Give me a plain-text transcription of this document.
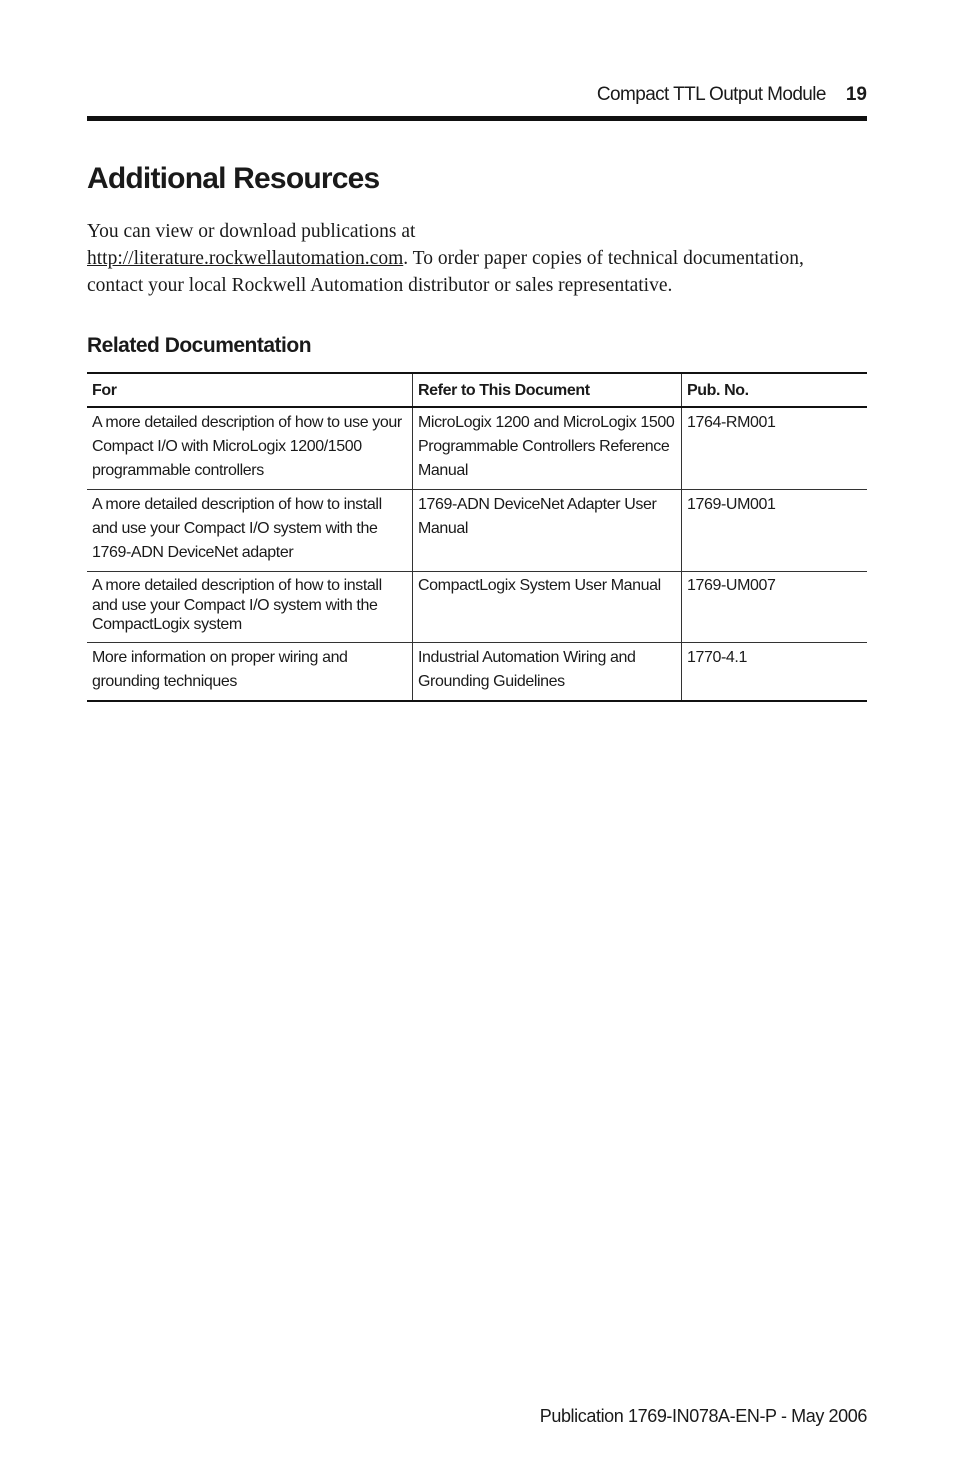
Compact TTL Output Module 19
Additional Resources

You can view or download publications at
http://literature.rockwellautomation.com. To order paper copies of technical documentation, contact your local Rockwell Automation distributor or sales representative.

Related Documentation
For	Refer to This Document	Pub. No.
A more detailed description of how to use your Compact I/O with MicroLogix 1200/1500 programmable controllers	MicroLogix 1200 and MicroLogix 1500 Programmable Controllers Reference Manual	1764-RM001
A more detailed description of how to install and use your Compact I/O system with the 1769-ADN DeviceNet adapter	1769-ADN DeviceNet Adapter User Manual	1769-UM001
A more detailed description of how to install and use your Compact I/O system with the CompactLogix system	CompactLogix System User Manual	1769-UM007
More information on proper wiring and grounding techniques	Industrial Automation Wiring and Grounding Guidelines	1770-4.1
Publication 1769-IN078A-EN-P - May 2006
